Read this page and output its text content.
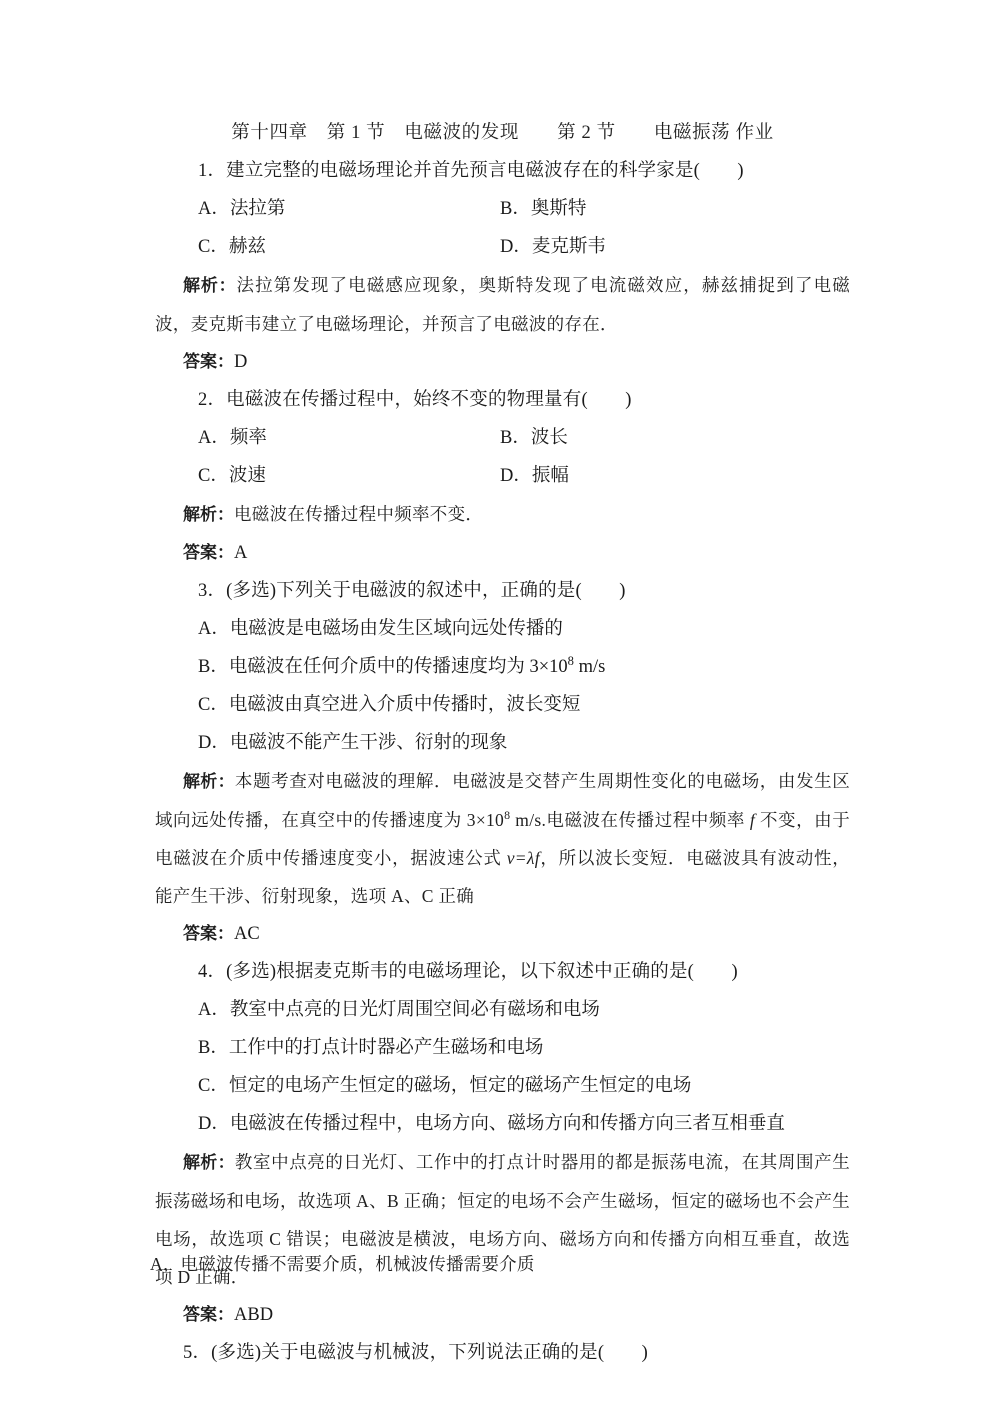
第十四章　第 1 节　电磁波的发现　　第 2 节　　电磁振荡 作业
1．建立完整的电磁场理论并首先预言电磁波存在的科学家是(　　)
A．法拉第	B．奥斯特
C．赫兹	D．麦克斯韦
解析：法拉第发现了电磁感应现象，奥斯特发现了电流磁效应，赫兹捕捉到了电磁波，麦克斯韦建立了电磁场理论，并预言了电磁波的存在．
答案：D
2．电磁波在传播过程中，始终不变的物理量有(　　)
A．频率	B．波长
C．波速	D．振幅
解析：电磁波在传播过程中频率不变．
答案：A
3．(多选)下列关于电磁波的叙述中，正确的是(　　)
A．电磁波是电磁场由发生区域向远处传播的
B．电磁波在任何介质中的传播速度均为 $3\times 10^8$ m/s
C．电磁波由真空进入介质中传播时，波长变短
D．电磁波不能产生干涉、衍射的现象
解析：本题考查对电磁波的理解．电磁波是交替产生周期性变化的电磁场，由发生区域向远处传播，在真空中的传播速度为 $3\times 10^8$ m/s.电磁波在传播过程中频率 f 不变，由于电磁波在介质中传播速度变小，据波速公式 v=λf，所以波长变短．电磁波具有波动性，能产生干涉、衍射现象，选项 A、C 正确
答案：AC
4．(多选)根据麦克斯韦的电磁场理论，以下叙述中正确的是(　　)
A．教室中点亮的日光灯周围空间必有磁场和电场
B．工作中的打点计时器必产生磁场和电场
C．恒定的电场产生恒定的磁场，恒定的磁场产生恒定的电场
D．电磁波在传播过程中，电场方向、磁场方向和传播方向三者互相垂直
解析：教室中点亮的日光灯、工作中的打点计时器用的都是振荡电流，在其周围产生振荡磁场和电场，故选项 A、B 正确；恒定的电场不会产生磁场，恒定的磁场也不会产生电场，故选项 C 错误；电磁波是横波，电场方向、磁场方向和传播方向相互垂直，故选项 D 正确．
答案：ABD
5．(多选)关于电磁波与机械波，下列说法正确的是(　　)
A．电磁波传播不需要介质，机械波传播需要介质
